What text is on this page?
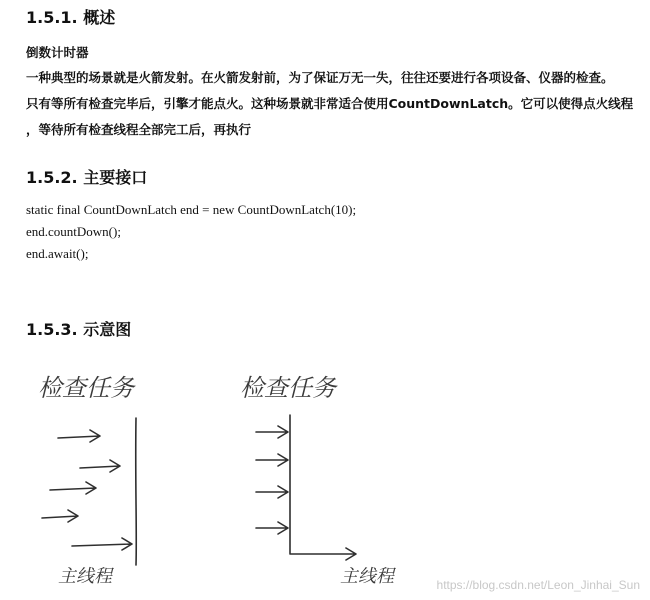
1.5.1. 概述

倒数计时器

一种典型的场景就是火箭发射。在火箭发射前，为了保证万无一失，往往还要进行各项设备、仪器的检查。

只有等所有检查完毕后，引擎才能点火。这种场景就非常适合使用CountDownLatch。它可以使得点火线程

，等待所有检查线程全部完工后，再执行

1.5.2. 主要接口

static final CountDownLatch end = new CountDownLatch(10);

end.countDown();

end.await();

1.5.3. 示意图
检查任务
主线程
检查任务
主线程	https://blog.csdn.net/Leon_Jinhai_Sun
